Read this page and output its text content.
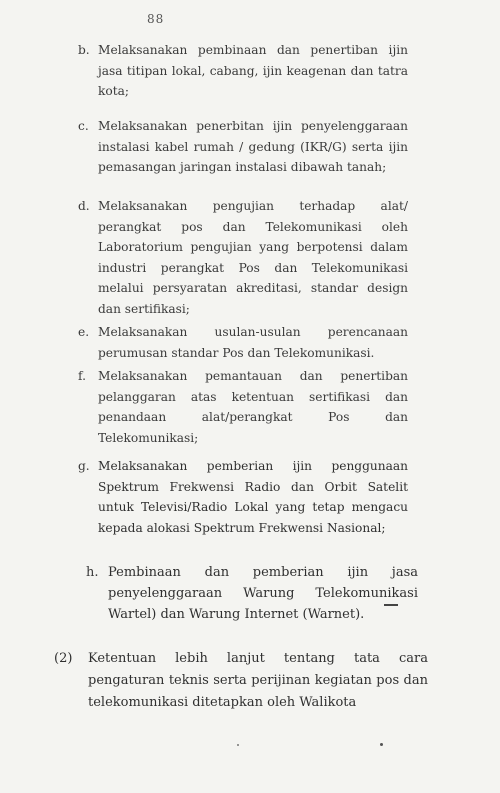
88
b. Melaksanakan pembinaan dan penertiban ijin jasa titipan lokal, cabang, ijin keagenan dan tatra kota;
c. Melaksanakan penerbitan ijin penyelenggaraan instalasi kabel rumah / gedung (IKR/G) serta ijin pemasangan jaringan instalasi dibawah tanah;
d. Melaksanakan pengujian terhadap alat/ perangkat pos dan Telekomunikasi oleh Laboratorium pengujian yang berpotensi dalam industri perangkat Pos dan Telekomunikasi melalui persyaratan akreditasi, standar design dan sertifikasi;
e. Melaksanakan usulan-usulan perencanaan perumusan standar Pos dan Telekomunikasi.
f. Melaksanakan pemantauan dan penertiban pelanggaran atas ketentuan sertifikasi dan penandaan alat/perangkat Pos dan Telekomunikasi;
g. Melaksanakan pemberian ijin penggunaan Spektrum Frekwensi Radio dan Orbit Satelit untuk Televisi/Radio Lokal yang tetap mengacu kepada alokasi Spektrum Frekwensi Nasional;
h. Pembinaan dan pemberian ijin jasa penyelenggaraan Warung Telekomunikasi Wartel) dan Warung Internet (Warnet).
(2) Ketentuan lebih lanjut tentang tata cara pengaturan teknis serta perijinan kegiatan pos dan telekomunikasi ditetapkan oleh Walikota
